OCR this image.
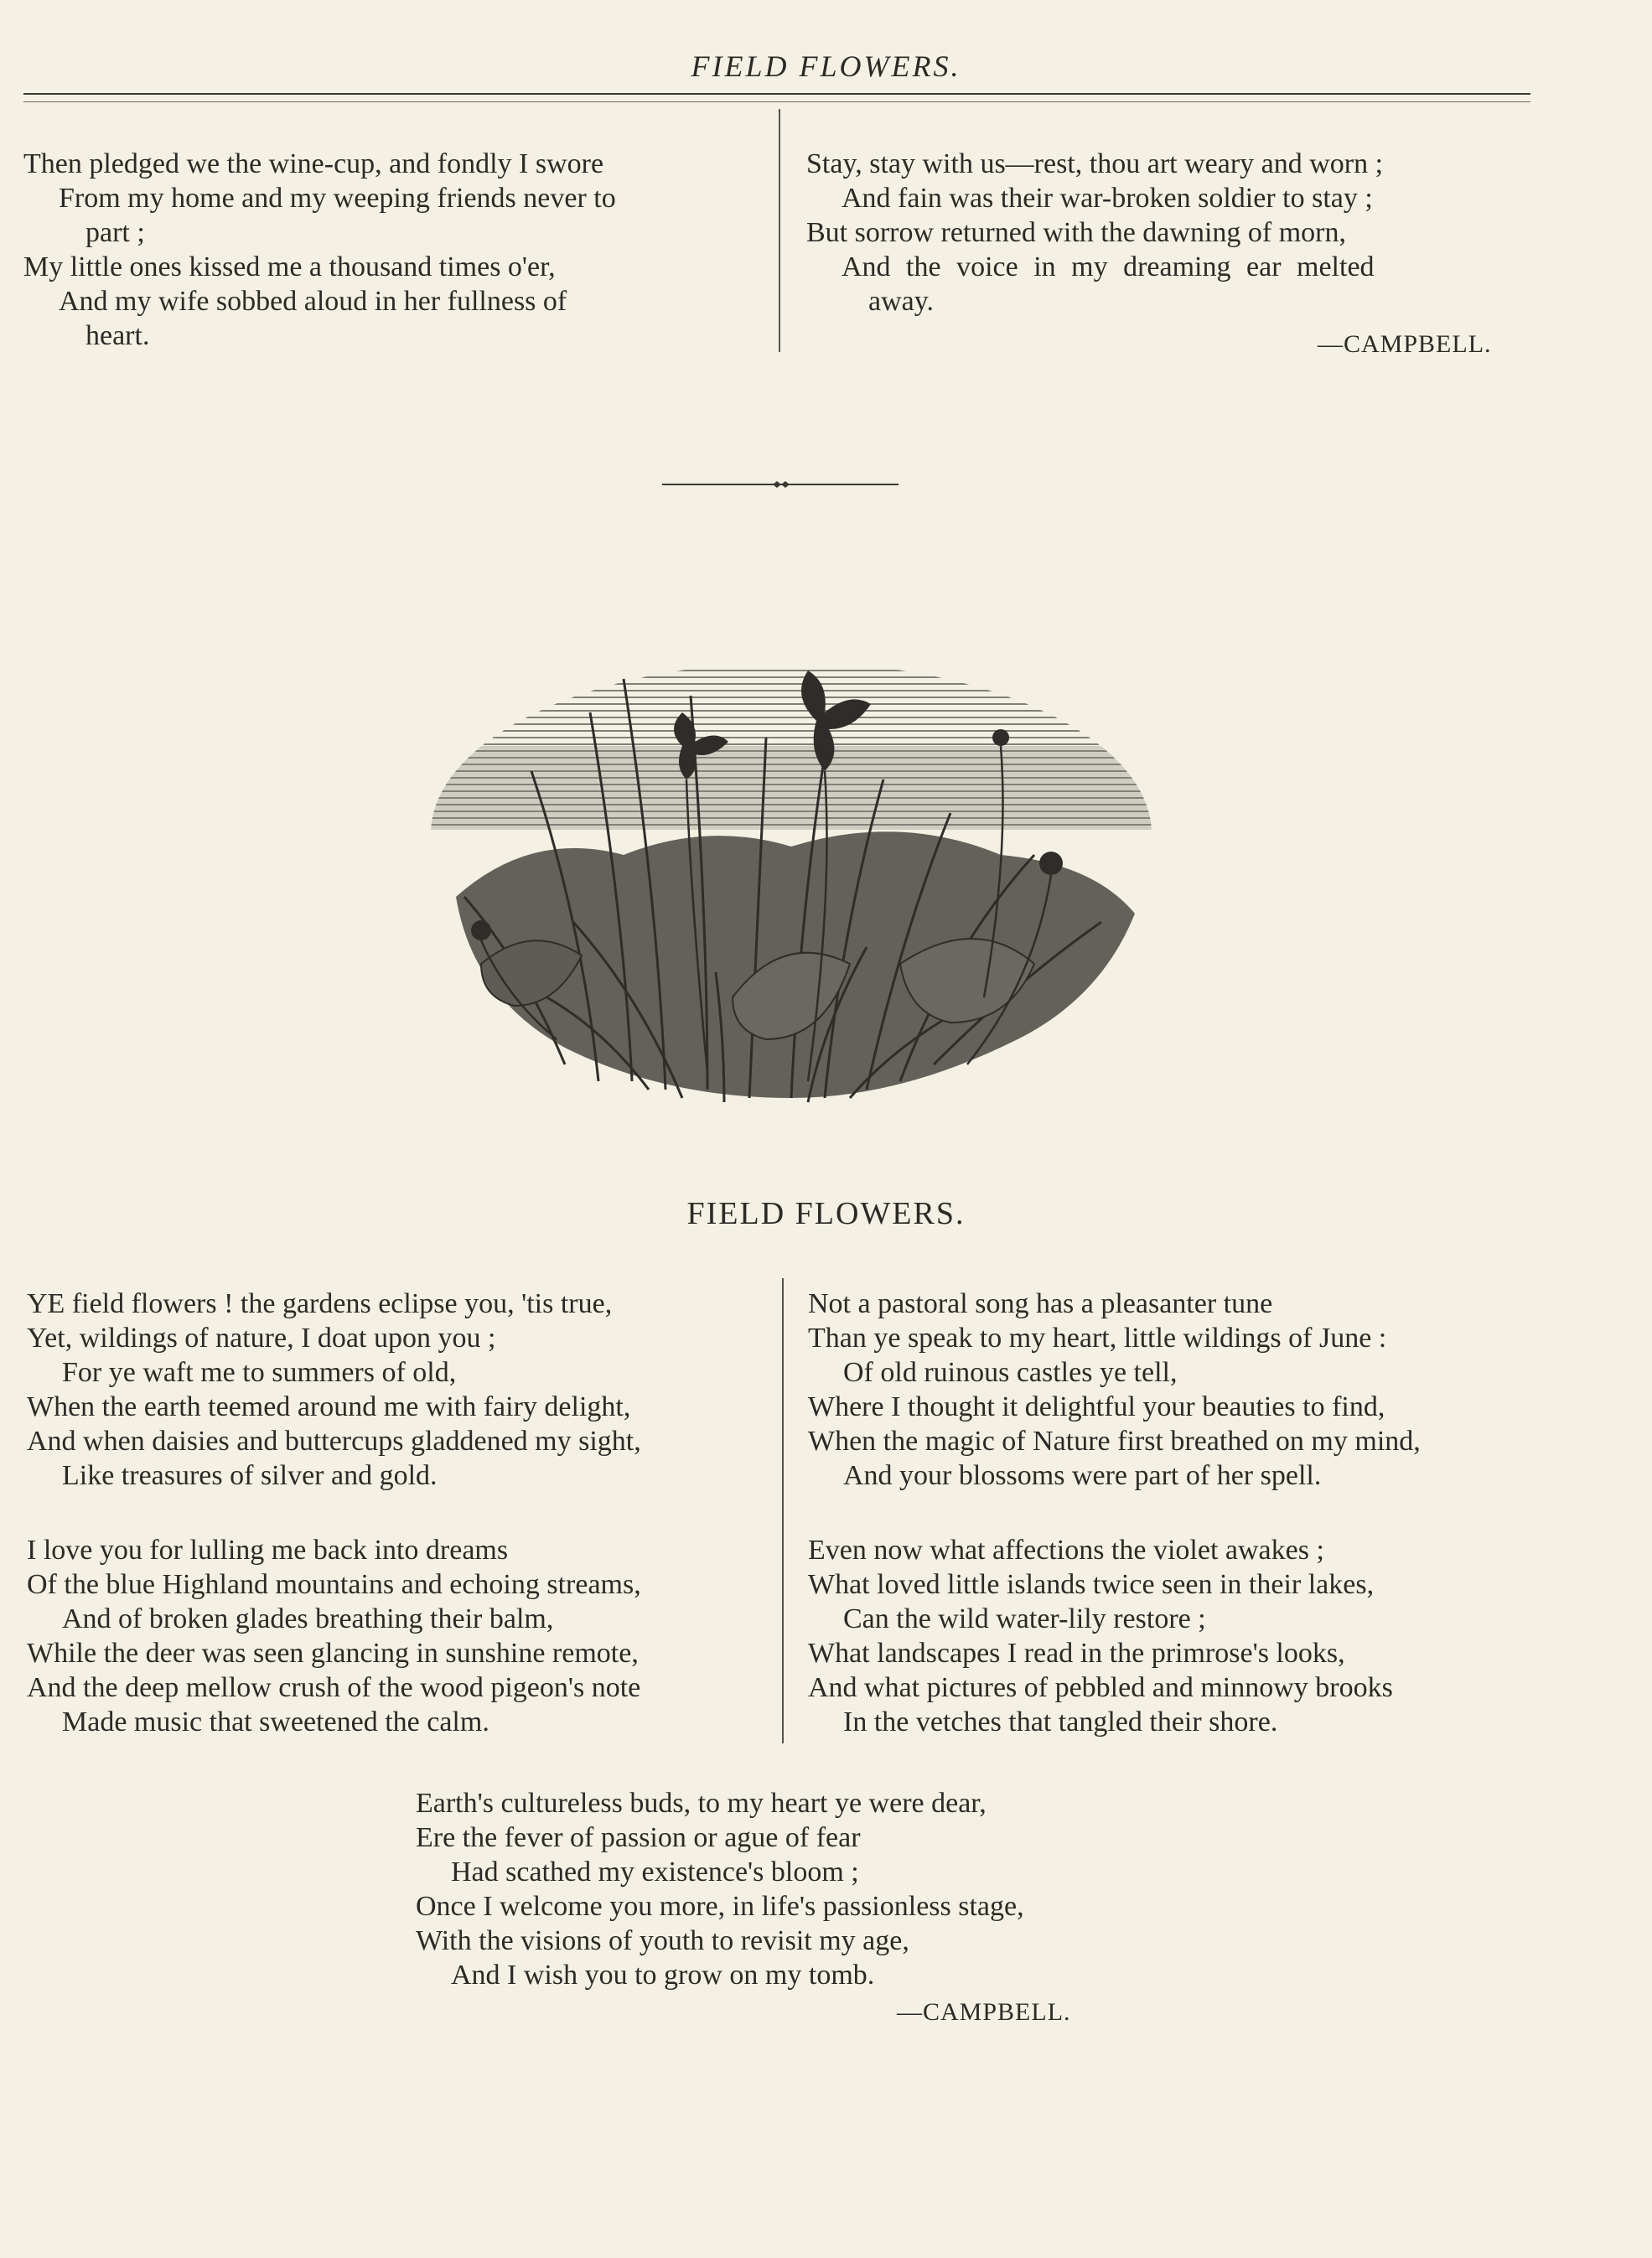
FIELD FLOWERS.
Then pledged we the wine-cup, and fondly I swore
From my home and my weeping friends never to
part ;
My little ones kissed me a thousand times o'er,
And my wife sobbed aloud in her fullness of
heart.
Stay, stay with us—rest, thou art weary and worn ;
And fain was their war-broken soldier to stay ;
But sorrow returned with the dawning of morn,
And the voice in my dreaming ear melted
away.
—CAMPBELL.
FIELD FLOWERS.
YE field flowers ! the gardens eclipse you, 'tis true,
Yet, wildings of nature, I doat upon you ;
For ye waft me to summers of old,
When the earth teemed around me with fairy delight,
And when daisies and buttercups gladdened my sight,
Like treasures of silver and gold.
I love you for lulling me back into dreams
Of the blue Highland mountains and echoing streams,
And of broken glades breathing their balm,
While the deer was seen glancing in sunshine remote,
And the deep mellow crush of the wood pigeon's note
Made music that sweetened the calm.
Not a pastoral song has a pleasanter tune
Than ye speak to my heart, little wildings of June :
Of old ruinous castles ye tell,
Where I thought it delightful your beauties to find,
When the magic of Nature first breathed on my mind,
And your blossoms were part of her spell.
Even now what affections the violet awakes ;
What loved little islands twice seen in their lakes,
Can the wild water-lily restore ;
What landscapes I read in the primrose's looks,
And what pictures of pebbled and minnowy brooks
In the vetches that tangled their shore.
Earth's cultureless buds, to my heart ye were dear,
Ere the fever of passion or ague of fear
Had scathed my existence's bloom ;
Once I welcome you more, in life's passionless stage,
With the visions of youth to revisit my age,
And I wish you to grow on my tomb.
—CAMPBELL.
